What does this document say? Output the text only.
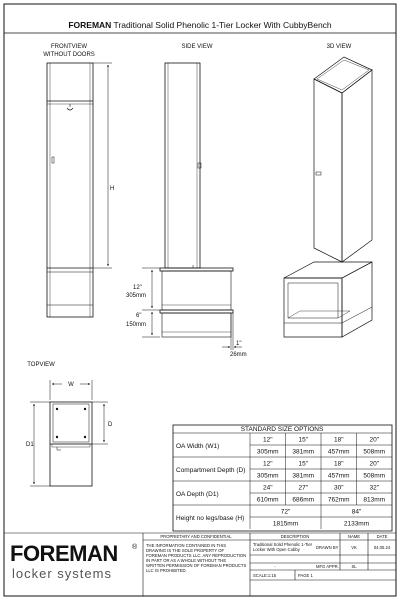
FOREMAN Traditional Solid Phenolic 1-Tier Locker With CubbyBench
FRONTVIEW
WITHOUT DOORS
SIDE VIEW	3D VIEW
TOPVIEW
H
12"
305mm
6"
150mm
1"
26mm
W
D
D1
STANDARD SIZE OPTIONS
OA Width (W1)
12"	15"	18"	20"
305mm 381mm 457mm 508mm
Compartment Depth (D)
12"	15"	18"	20"
305mm 381mm 457mm 508mm
OA Depth (D1)
24"	27"	30"	32"
610mm 686mm 762mm 813mm
Height no legs/base (H)
72"	84"
1815mm	2133mm
FOREMAN ®
locker systems
PROPRIETARY AND CONFIDENTIAL
THE INFORMATION CONTAINED IN THIS DRAWING IS THE SOLE PROPERTY OF FOREMAN PRODUCTS LLC. ANY REPRODUCTION IN PART OR AS A WHOLE WITHOUT THE WRITTEN PERMISSION OF FOREMAN PRODUCTS LLC IS PROHIBITED.
DESCRIPTION
Traditional Solid Phenolic 1-Tier
Locker With Open Cubby
-
NAME	DATE
DRAWN BY	VK	04.05.24
MFG APPR.	SL
SCALE:1:15	PAGE 1
